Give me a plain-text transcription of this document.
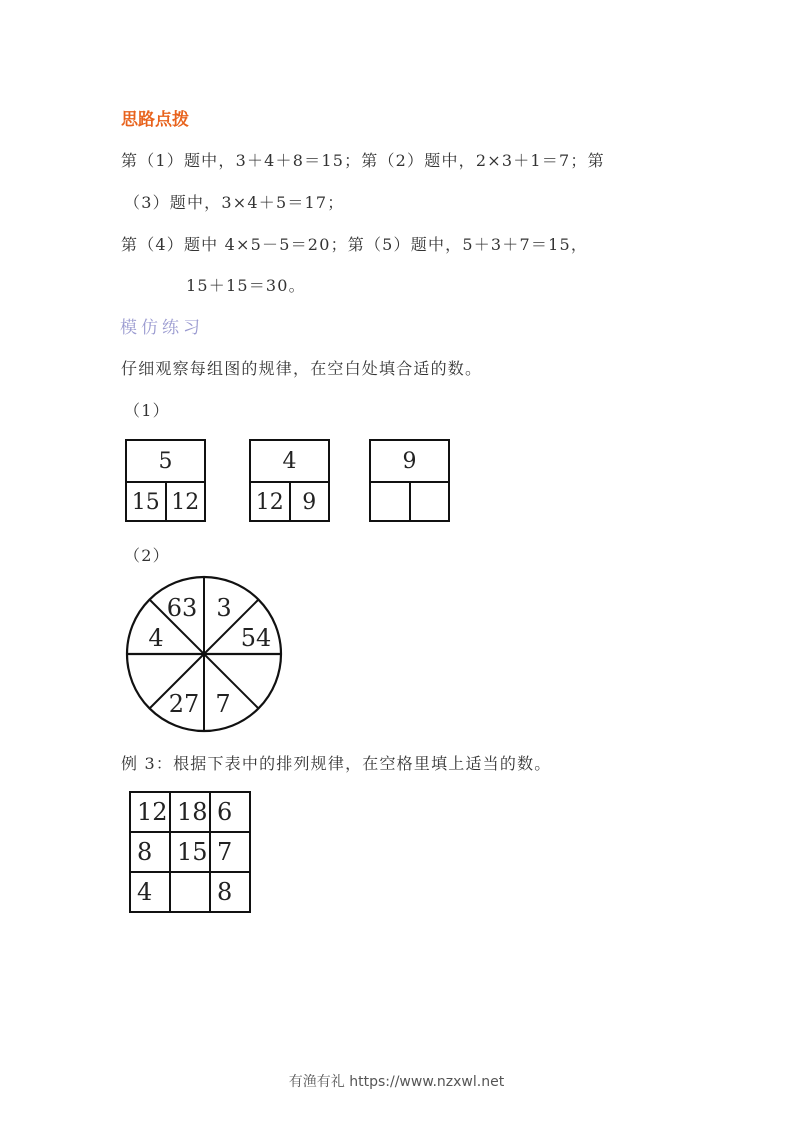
思路点拨
第（1）题中，3＋4＋8＝15；第（2）题中，2×3＋1＝7；第
（3）题中，3×4＋5＝17；
第（4）题中 4×5－5＝20；第（5）题中，5＋3＋7＝15，
15＋15＝30。
模仿练习
仔细观察每组图的规律，在空白处填合适的数。
（1）
5
15 12
4
12 9
9
（2）
63 3
4	54
27 7
例 3：根据下表中的排列规律，在空格里填上适当的数。
12	18	6
8	15	7
4		8
有渔有礼 https://www.nzxwl.net
